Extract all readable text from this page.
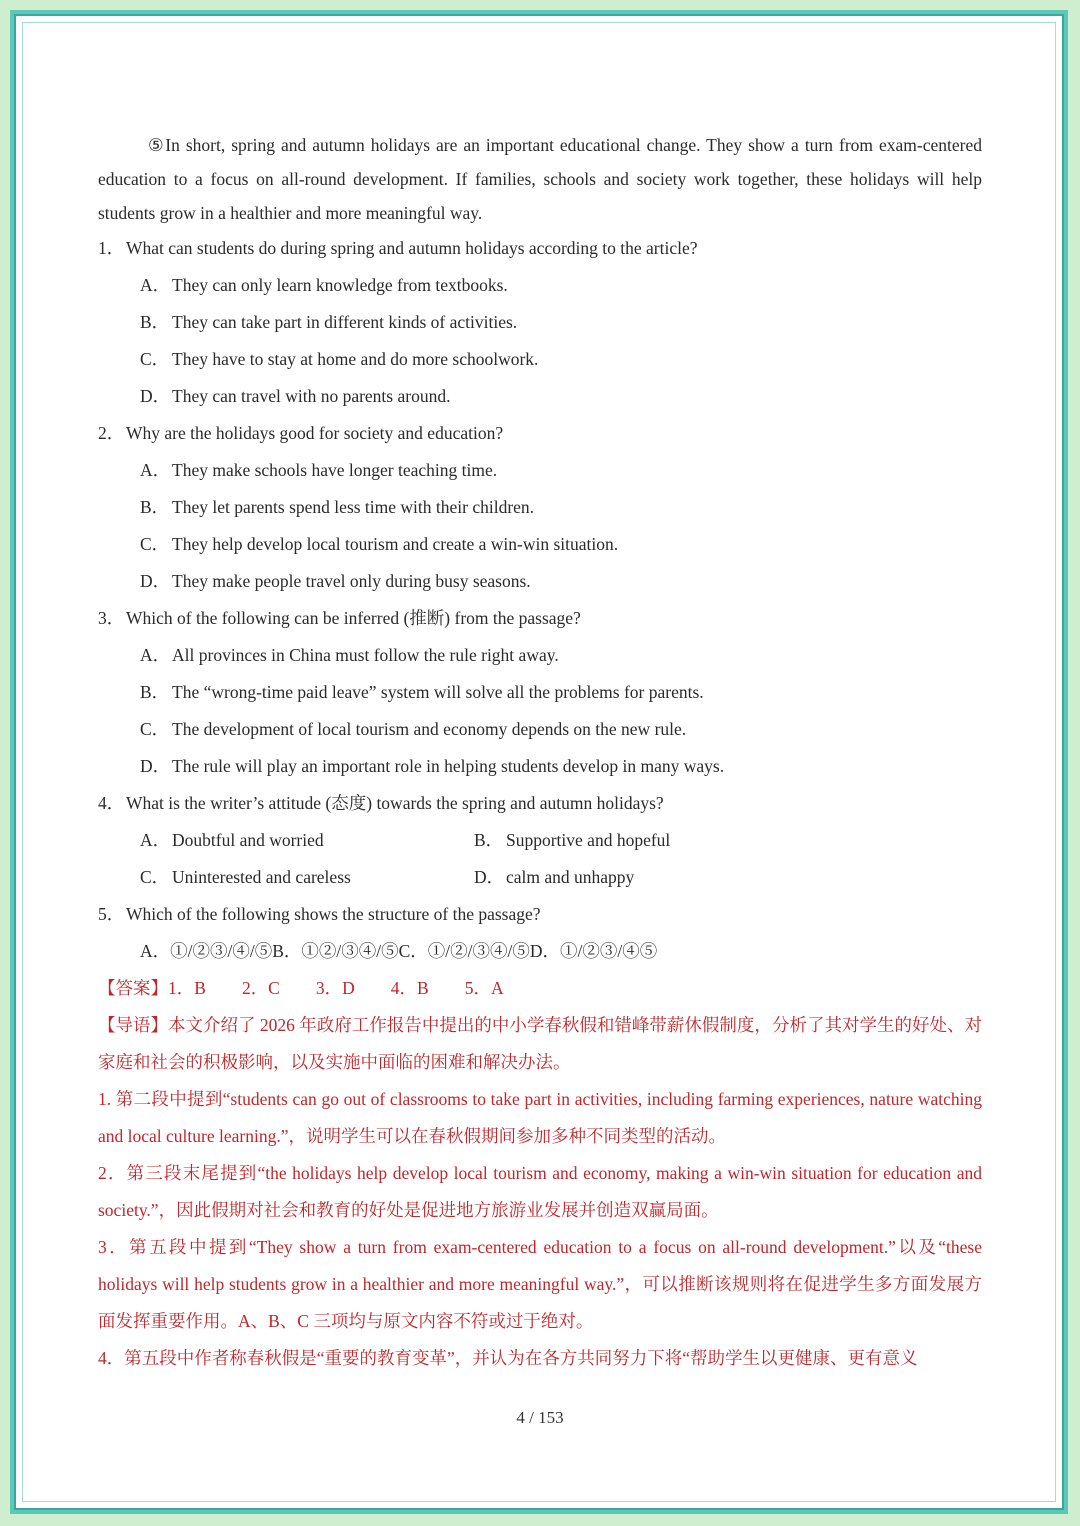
⑤In short, spring and autumn holidays are an important educational change. They show a turn from exam-centered education to a focus on all-round development. If families, schools and society work together, these holidays will help students grow in a healthier and more meaningful way.

1． What can students do during spring and autumn holidays according to the article?
A． They can only learn knowledge from textbooks.
B． They can take part in different kinds of activities.
C． They have to stay at home and do more schoolwork.
D． They can travel with no parents around.
2． Why are the holidays good for society and education?
A． They make schools have longer teaching time.
B． They let parents spend less time with their children.
C． They help develop local tourism and create a win-win situation.
D． They make people travel only during busy seasons.
3． Which of the following can be inferred (推断) from the passage?
A． All provinces in China must follow the rule right away.
B． The “wrong-time paid leave” system will solve all the problems for parents.
C． The development of local tourism and economy depends on the new rule.
D． The rule will play an important role in helping students develop in many ways.
4． What is the writer’s attitude (态度) towards the spring and autumn holidays?
A． Doubtful and worried	B． Supportive and hopeful
C． Uninterested and careless	D． calm and unhappy
5． Which of the following shows the structure of the passage?
A．①/②③/④/⑤B．①②/③④/⑤C．①/②/③④/⑤D．①/②③/④⑤
【答案】1．B 2．C 3．D 4．B 5．A

【导语】本文介绍了 2026 年政府工作报告中提出的中小学春秋假和错峰带薪休假制度，分析了其对学生的好处、对家庭和社会的积极影响，以及实施中面临的困难和解决办法。

1. 第二段中提到“students can go out of classrooms to take part in activities, including farming experiences, nature watching and local culture learning.”，说明学生可以在春秋假期间参加多种不同类型的活动。

2．第三段末尾提到“the holidays help develop local tourism and economy, making a win-win situation for education and society.”，因此假期对社会和教育的好处是促进地方旅游业发展并创造双赢局面。

3．第五段中提到“They show a turn from exam-centered education to a focus on all-round development.”以及“these holidays will help students grow in a healthier and more meaningful way.”，可以推断该规则将在促进学生多方面发展方面发挥重要作用。A、B、C 三项均与原文内容不符或过于绝对。

4．第五段中作者称春秋假是“重要的教育变革”，并认为在各方共同努力下将“帮助学生以更健康、更有意义

4 / 153
